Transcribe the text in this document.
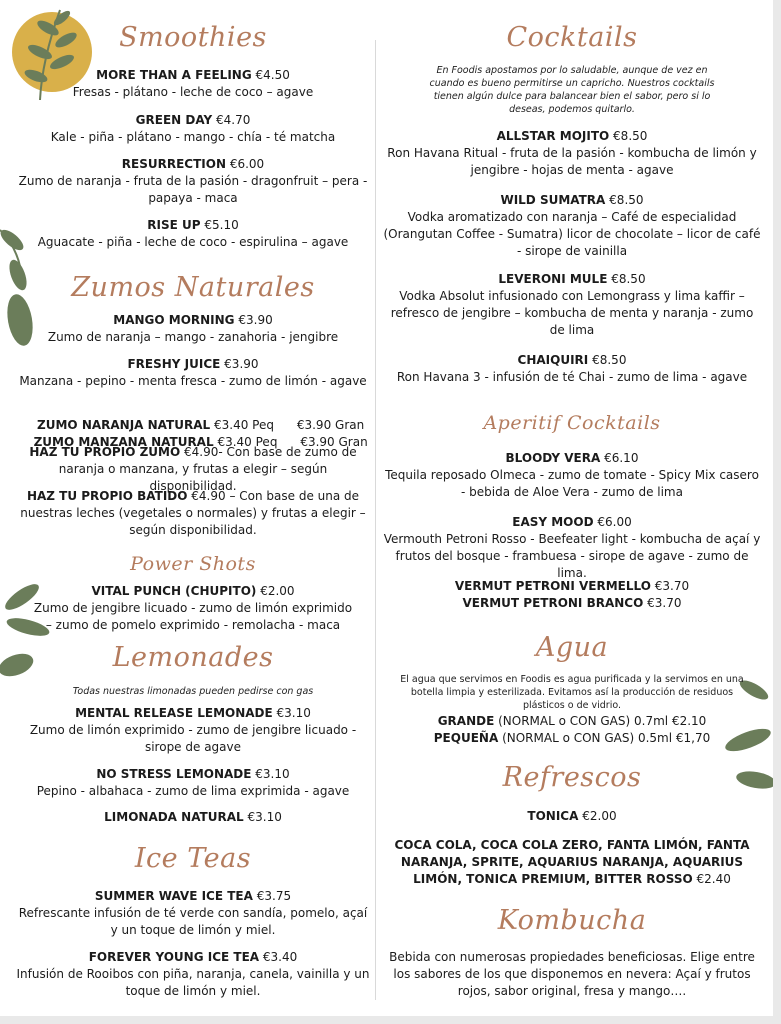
Smoothies
MORE THAN A FEELING €4.50
Fresas - plátano - leche de coco – agave
GREEN DAY €4.70
Kale - piña - plátano - mango - chía - té matcha
RESURRECTION €6.00
Zumo de naranja - fruta de la pasión - dragonfruit – pera - papaya - maca
RISE UP €5.10
Aguacate - piña - leche de coco - espirulina – agave
Zumos Naturales
MANGO MORNING €3.90
Zumo de naranja – mango - zanahoria - jengibre
FRESHY JUICE €3.90
Manzana - pepino - menta fresca - zumo de limón - agave

ZUMO NARANJA NATURAL €3.40 Peq      €3.90 Gran

ZUMO MANZANA NATURAL €3.40 Peq      €3.90 Gran

HAZ TU PROPIO ZUMO €4.90- Con base de zumo de naranja o manzana, y frutas a elegir – según disponibilidad.
HAZ TU PROPIO BATIDO €4.90 – Con base de una de nuestras leches (vegetales o normales) y frutas a elegir – según disponibilidad.
Power Shots
VITAL PUNCH (CHUPITO) €2.00
Zumo de jengibre licuado - zumo de limón exprimido – zumo de pomelo exprimido - remolacha - maca
Lemonades
Todas nuestras limonadas pueden pedirse con gas
MENTAL RELEASE LEMONADE €3.10
Zumo de limón exprimido - zumo de jengibre licuado - sirope de agave
NO STRESS LEMONADE €3.10
Pepino - albahaca - zumo de lima exprimida - agave
LIMONADA NATURAL €3.10
Ice Teas
SUMMER WAVE ICE TEA €3.75
Refrescante infusión de té verde con sandía, pomelo, açaí y un toque de limón y miel.
FOREVER YOUNG ICE TEA €3.40
Infusión de Rooibos con piña, naranja, canela, vainilla y un toque de limón y miel.
Cocktails
En Foodis apostamos por lo saludable, aunque de vez en cuando es bueno permitirse un capricho. Nuestros cocktails tienen algún dulce para balancear bien el sabor, pero si lo deseas, podemos quitarlo.
ALLSTAR MOJITO €8.50
Ron Havana Ritual - fruta de la pasión - kombucha de limón y jengibre - hojas de menta - agave
WILD SUMATRA €8.50
Vodka aromatizado con naranja – Café de especialidad (Orangutan Coffee - Sumatra) licor de chocolate – licor de café - sirope de vainilla
LEVERONI MULE €8.50
Vodka Absolut infusionado con Lemongrass y lima kaffir – refresco de jengibre – kombucha de menta y naranja - zumo de lima
CHAIQUIRI €8.50
Ron Havana 3 - infusión de té Chai - zumo de lima - agave
Aperitif Cocktails
BLOODY VERA €6.10
Tequila reposado Olmeca - zumo de tomate - Spicy Mix casero - bebida de Aloe Vera - zumo de lima
EASY MOOD €6.00
Vermouth Petroni Rosso - Beefeater light - kombucha de açaí y frutos del bosque - frambuesa - sirope de agave - zumo de lima.
VERMUT PETRONI VERMELLO €3.70
VERMUT PETRONI BRANCO €3.70
Agua
El agua que servimos en Foodis es agua purificada y la servimos en una botella limpia y esterilizada. Evitamos así la producción de residuos plásticos o de vidrio.
GRANDE (NORMAL o CON GAS) 0.7ml €2.10
PEQUEÑA (NORMAL o CON GAS) 0.5ml €1,70
Refrescos
TONICA €2.00
COCA COLA, COCA COLA ZERO, FANTA LIMÓN, FANTA NARANJA, SPRITE, AQUARIUS NARANJA, AQUARIUS LIMÓN, TONICA PREMIUM, BITTER ROSSO €2.40
Kombucha
Bebida con numerosas propiedades beneficiosas. Elige entre los sabores de los que disponemos en nevera: Açaí y frutos rojos, sabor original, fresa y mango….
